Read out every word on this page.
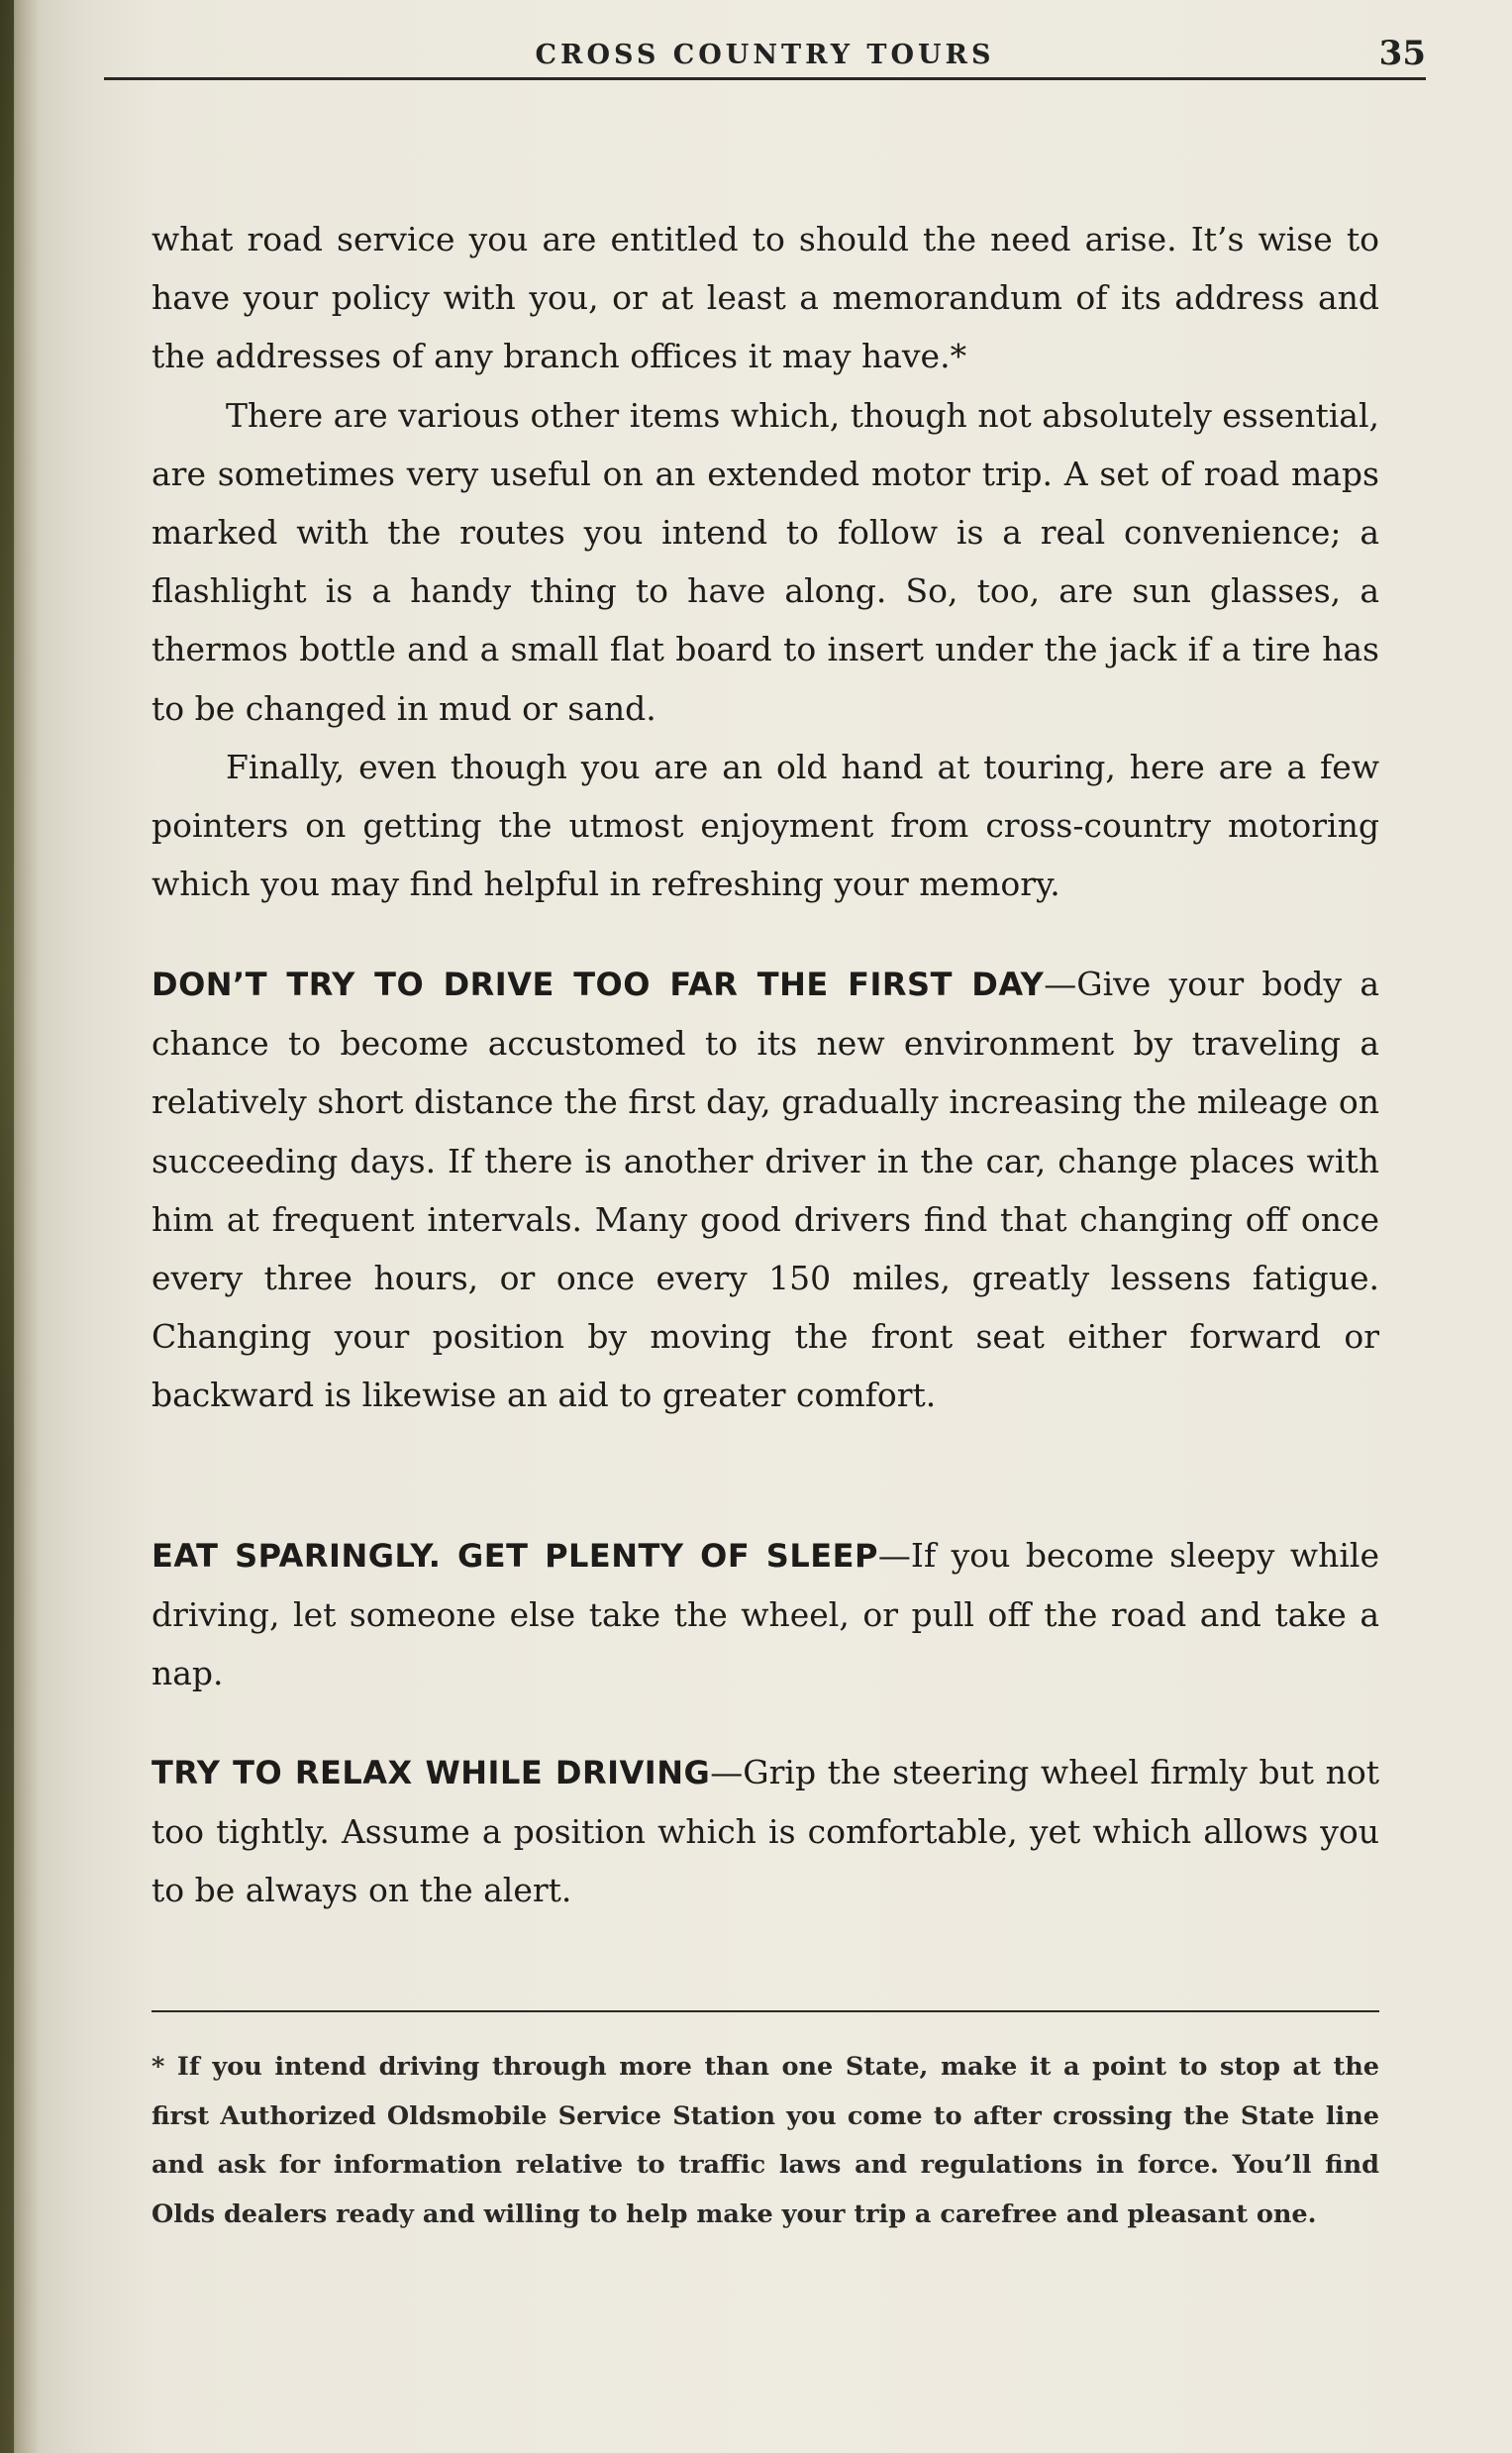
CROSS COUNTRY TOURS	35

what road service you are entitled to should the need arise. It’s wise to have your policy with you, or at least a memorandum of its address and the addresses of any branch offices it may have.*

There are various other items which, though not absolutely essential, are sometimes very useful on an extended motor trip. A set of road maps marked with the routes you intend to follow is a real convenience; a flashlight is a handy thing to have along. So, too, are sun glasses, a thermos bottle and a small flat board to insert under the jack if a tire has to be changed in mud or sand.

Finally, even though you are an old hand at touring, here are a few pointers on getting the utmost enjoyment from cross-country motoring which you may find helpful in refreshing your memory.

DON’T TRY TO DRIVE TOO FAR THE FIRST DAY—Give your body a chance to become accustomed to its new environment by traveling a relatively short distance the first day, gradually increasing the mileage on succeeding days. If there is another driver in the car, change places with him at frequent intervals. Many good drivers find that changing off once every three hours, or once every 150 miles, greatly lessens fatigue. Changing your position by moving the front seat either forward or backward is likewise an aid to greater comfort.

EAT SPARINGLY. GET PLENTY OF SLEEP—If you become sleepy while driving, let someone else take the wheel, or pull off the road and take a nap.

TRY TO RELAX WHILE DRIVING—Grip the steering wheel firmly but not too tightly. Assume a position which is comfortable, yet which allows you to be always on the alert.

* If you intend driving through more than one State, make it a point to stop at the first Authorized Oldsmobile Service Station you come to after crossing the State line and ask for information relative to traffic laws and regulations in force. You’ll find Olds dealers ready and willing to help make your trip a carefree and pleasant one.
